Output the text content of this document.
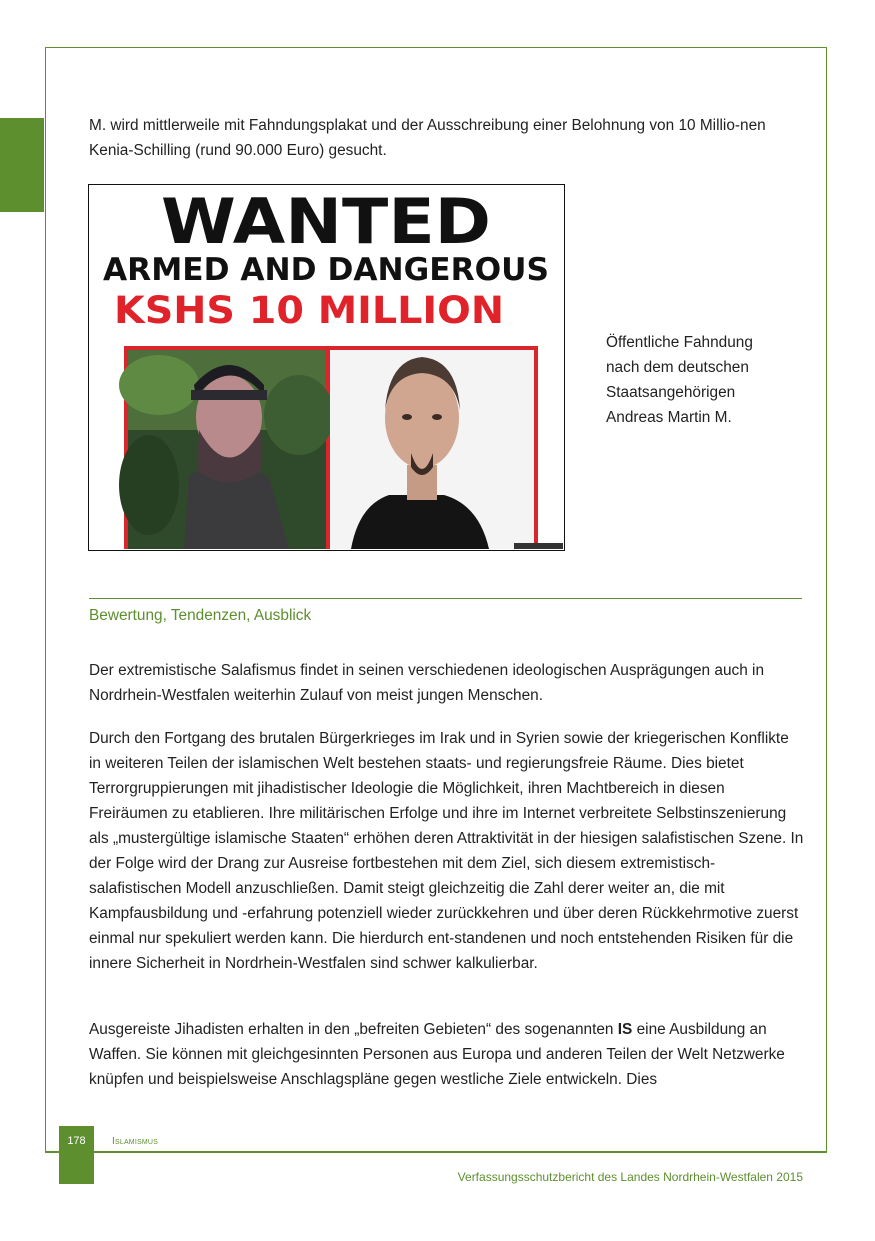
M. wird mittlerweile mit Fahndungsplakat und der Ausschreibung einer Belohnung von 10 Millio-nen Kenia-Schilling (rund 90.000 Euro) gesucht.

WANTED
ARMED AND DANGEROUS
KSHS 10 MILLION
Öffentliche Fahndung
nach dem deutschen
Staatsangehörigen
Andreas Martin M.
Bewertung, Tendenzen, Ausblick

Der extremistische Salafismus findet in seinen verschiedenen ideologischen Ausprägungen auch in Nordrhein-Westfalen weiterhin Zulauf von meist jungen Menschen.

Durch den Fortgang des brutalen Bürgerkrieges im Irak und in Syrien sowie der kriegerischen Konflikte in weiteren Teilen der islamischen Welt bestehen staats- und regierungsfreie Räume. Dies bietet Terrorgruppierungen mit jihadistischer Ideologie die Möglichkeit, ihren Machtbereich in diesen Freiräumen zu etablieren. Ihre militärischen Erfolge und ihre im Internet verbreitete Selbstinszenierung als „mustergültige islamische Staaten“ erhöhen deren Attraktivität in der hiesigen salafistischen Szene. In der Folge wird der Drang zur Ausreise fortbestehen mit dem Ziel, sich diesem extremistisch-salafistischen Modell anzuschließen. Damit steigt gleichzeitig die Zahl derer weiter an, die mit Kampfausbildung und -erfahrung potenziell wieder zurückkehren und über deren Rückkehrmotive zuerst einmal nur spekuliert werden kann. Die hierdurch ent-standenen und noch entstehenden Risiken für die innere Sicherheit in Nordrhein-Westfalen sind schwer kalkulierbar.

Ausgereiste Jihadisten erhalten in den „befreiten Gebieten“ des sogenannten IS eine Ausbildung an Waffen. Sie können mit gleichgesinnten Personen aus Europa und anderen Teilen der Welt Netzwerke knüpfen und beispielsweise Anschlagspläne gegen westliche Ziele entwickeln. Dies

178	Islamismus
Verfassungsschutzbericht des Landes Nordrhein-Westfalen 2015
